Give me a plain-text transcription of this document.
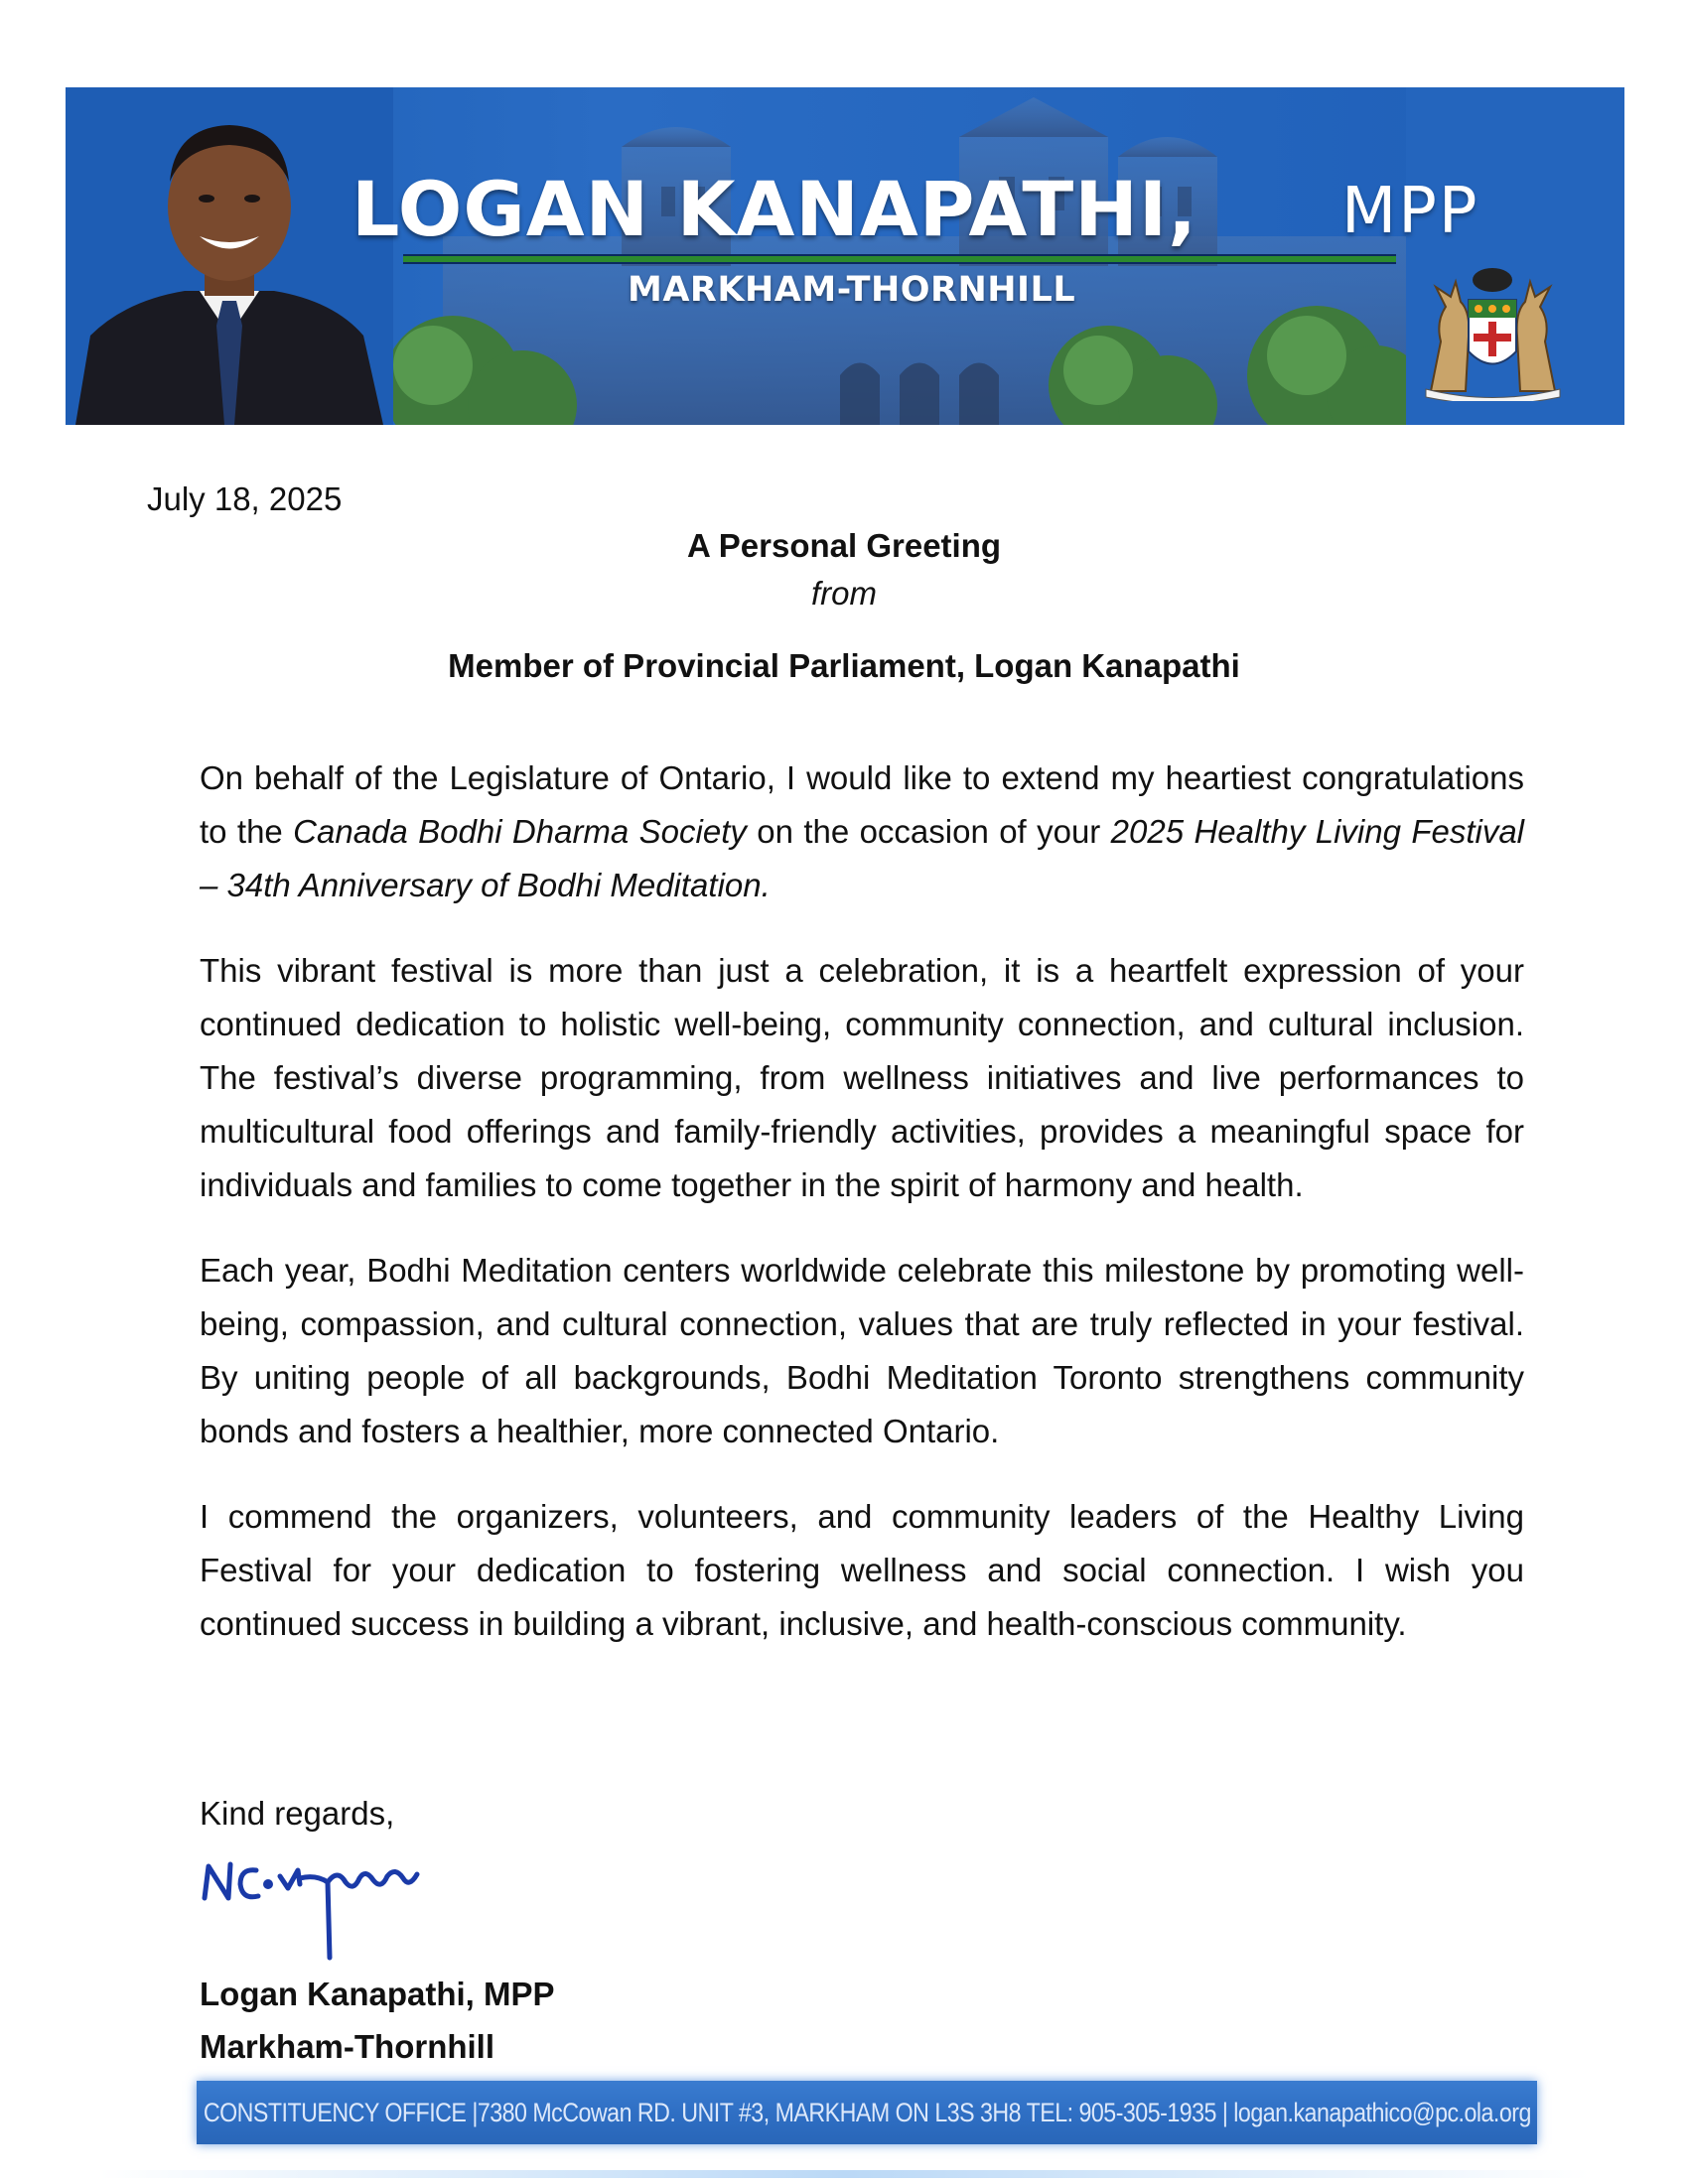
LOGAN KANAPATHI, MPP
MARKHAM-THORNHILL
July 18, 2025
A Personal Greeting
from
Member of Provincial Parliament, Logan Kanapathi

On behalf of the Legislature of Ontario, I would like to extend my heartiest congratulations to the Canada Bodhi Dharma Society on the occasion of your 2025 Healthy Living Festival – 34th Anniversary of Bodhi Meditation.

This vibrant festival is more than just a celebration, it is a heartfelt expression of your continued dedication to holistic well-being, community connection, and cultural inclusion. The festival’s diverse programming, from wellness initiatives and live performances to multicultural food offerings and family-friendly activities, provides a meaningful space for individuals and families to come together in the spirit of harmony and health.

Each year, Bodhi Meditation centers worldwide celebrate this milestone by promoting well-being, compassion, and cultural connection, values that are truly reflected in your festival. By uniting people of all backgrounds, Bodhi Meditation Toronto strengthens community bonds and fosters a healthier, more connected Ontario.

I commend the organizers, volunteers, and community leaders of the Healthy Living Festival for your dedication to fostering wellness and social connection. I wish you continued success in building a vibrant, inclusive, and health-conscious community.

Kind regards,
Logan Kanapathi, MPP
Markham-Thornhill
CONSTITUENCY OFFICE |7380 McCowan RD. UNIT #3, MARKHAM ON L3S 3H8 TEL: 905-305-1935 | logan.kanapathico@pc.ola.org
